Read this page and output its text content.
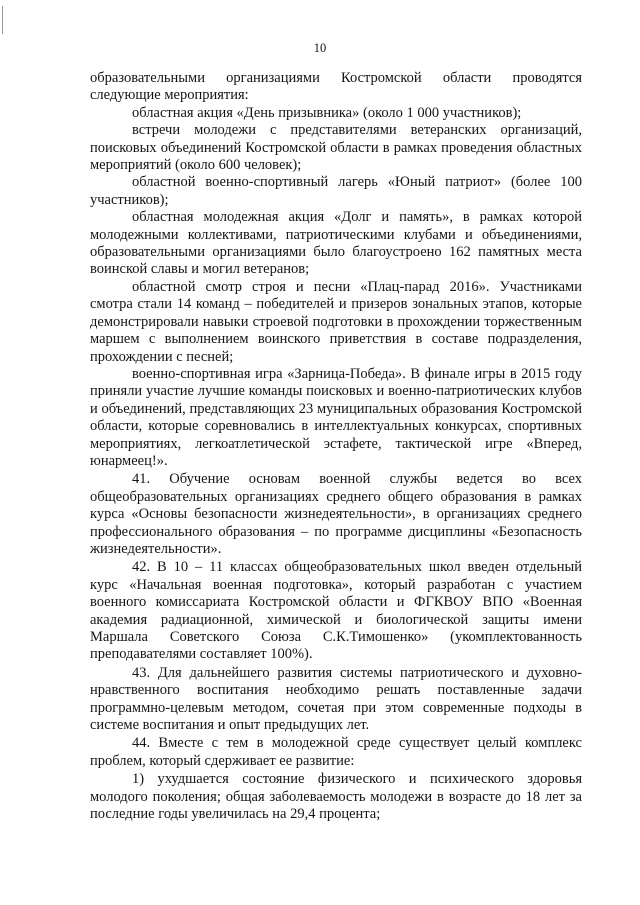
10

образовательными организациями Костромской области проводятся следующие мероприятия:

областная акция «День призывника» (около 1 000 участников);

встречи молодежи с представителями ветеранских организаций, поисковых объединений Костромской области в рамках проведения областных мероприятий (около 600 человек);

областной военно-спортивный лагерь «Юный патриот» (более 100 участников);

областная молодежная акция «Долг и память», в рамках которой молодежными коллективами, патриотическими клубами и объединениями, образовательными организациями было благоустроено 162 памятных места воинской славы и могил ветеранов;

областной смотр строя и песни «Плац-парад 2016». Участниками смотра стали 14 команд – победителей и призеров зональных этапов, которые демонстрировали навыки строевой подготовки в прохождении торжественным маршем с выполнением воинского приветствия в составе подразделения, прохождении с песней;

военно-спортивная игра «Зарница-Победа». В финале игры в 2015 году приняли участие лучшие команды поисковых и военно-патриотических клубов и объединений, представляющих 23 муниципальных образования Костромской области, которые соревновались в интеллектуальных конкурсах, спортивных мероприятиях, легкоатлетической эстафете, тактической игре «Вперед, юнармеец!».

41. Обучение основам военной службы ведется во всех общеобразовательных организациях среднего общего образования в рамках курса «Основы безопасности жизнедеятельности», в организациях среднего профессионального образования – по программе дисциплины «Безопасность жизнедеятельности».

42. В 10 – 11 классах общеобразовательных школ введен отдельный курс «Начальная военная подготовка», который разработан с участием военного комиссариата Костромской области и ФГКВОУ ВПО «Военная академия радиационной, химической и биологической защиты имени Маршала Советского Союза С.К.Тимошенко» (укомплектованность преподавателями составляет 100%).

43. Для дальнейшего развития системы патриотического и духовно-нравственного воспитания необходимо решать поставленные задачи программно-целевым методом, сочетая при этом современные подходы в системе воспитания и опыт предыдущих лет.

44. Вместе с тем в молодежной среде существует целый комплекс проблем, который сдерживает ее развитие:

1) ухудшается состояние физического и психического здоровья молодого поколения; общая заболеваемость молодежи в возрасте до 18 лет за последние годы увеличилась на 29,4 процента;
